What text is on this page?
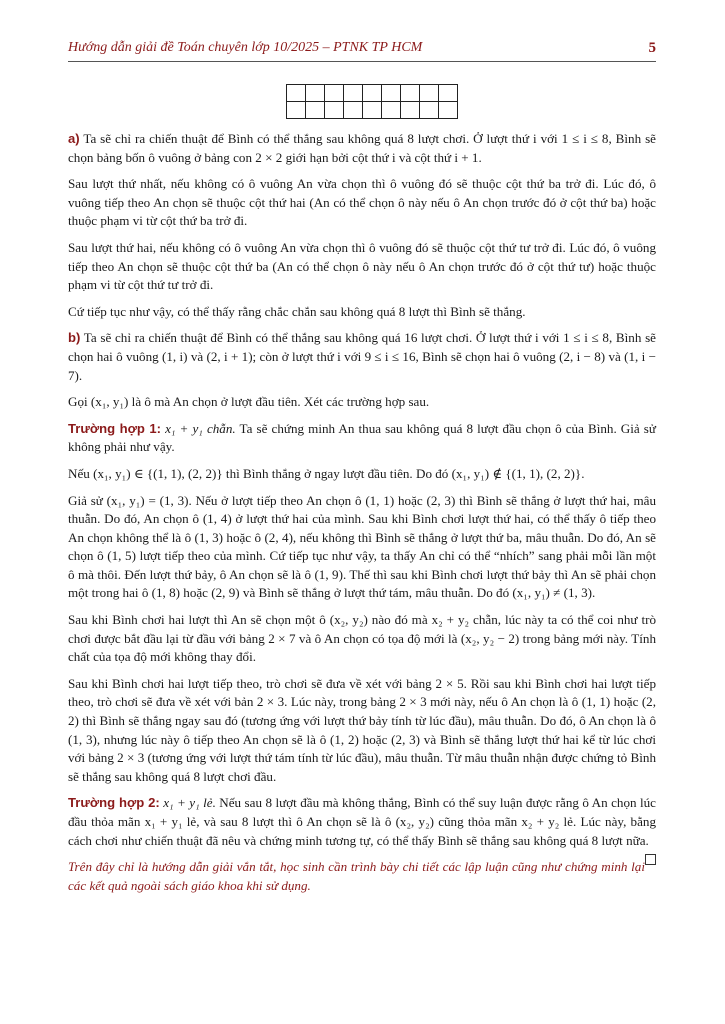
Hướng dẫn giải đề Toán chuyên lớp 10/2025 – PTNK TP HCM	5

a) Ta sẽ chỉ ra chiến thuật để Bình có thể thắng sau không quá 8 lượt chơi. Ở lượt thứ i với 1 ≤ i ≤ 8, Bình sẽ chọn bảng bốn ô vuông ở bảng con 2 × 2 giới hạn bởi cột thứ i và cột thứ i + 1.

Sau lượt thứ nhất, nếu không có ô vuông An vừa chọn thì ô vuông đó sẽ thuộc cột thứ ba trở đi. Lúc đó, ô vuông tiếp theo An chọn sẽ thuộc cột thứ hai (An có thể chọn ô này nếu ô An chọn trước đó ở cột thứ ba) hoặc thuộc phạm vi từ cột thứ ba trở đi.

Sau lượt thứ hai, nếu không có ô vuông An vừa chọn thì ô vuông đó sẽ thuộc cột thứ tư trở đi. Lúc đó, ô vuông tiếp theo An chọn sẽ thuộc cột thứ ba (An có thể chọn ô này nếu ô An chọn trước đó ở cột thứ tư) hoặc thuộc phạm vi từ cột thứ tư trở đi.

Cứ tiếp tục như vậy, có thể thấy rằng chắc chắn sau không quá 8 lượt thì Bình sẽ thắng.

b) Ta sẽ chỉ ra chiến thuật để Bình có thể thắng sau không quá 16 lượt chơi. Ở lượt thứ i với 1 ≤ i ≤ 8, Bình sẽ chọn hai ô vuông (1, i) và (2, i + 1); còn ở lượt thứ i với 9 ≤ i ≤ 16, Bình sẽ chọn hai ô vuông (2, i − 8) và (1, i − 7).

Gọi (x₁, y₁) là ô mà An chọn ở lượt đầu tiên. Xét các trường hợp sau.

Trường hợp 1: x₁ + y₁ chẵn. Ta sẽ chứng minh An thua sau không quá 8 lượt đầu chọn ô của Bình. Giả sử không phải như vậy.

Nếu (x₁, y₁) ∈ {(1, 1), (2, 2)} thì Bình thắng ở ngay lượt đầu tiên. Do đó (x₁, y₁) ∉ {(1, 1), (2, 2)}.

Giả sử (x₁, y₁) = (1, 3). Nếu ở lượt tiếp theo An chọn ô (1, 1) hoặc (2, 3) thì Bình sẽ thắng ở lượt thứ hai, mâu thuẫn. Do đó, An chọn ô (1, 4) ở lượt thứ hai của mình. Sau khi Bình chơi lượt thứ hai, có thể thấy ô tiếp theo An chọn không thể là ô (1, 3) hoặc ô (2, 4), nếu không thì Bình sẽ thắng ở lượt thứ ba, mâu thuẫn. Do đó, An sẽ chọn ô (1, 5) lượt tiếp theo của mình. Cứ tiếp tục như vậy, ta thấy An chỉ có thể “nhích” sang phải mỗi lần một ô mà thôi. Đến lượt thứ bảy, ô An chọn sẽ là ô (1, 9). Thế thì sau khi Bình chơi lượt thứ bảy thì An sẽ phải chọn một trong hai ô (1, 8) hoặc (2, 9) và Bình sẽ thắng ở lượt thứ tám, mâu thuẫn. Do đó (x₁, y₁) ≠ (1, 3).

Sau khi Bình chơi hai lượt thì An sẽ chọn một ô (x₂, y₂) nào đó mà x₂ + y₂ chẵn, lúc này ta có thể coi như trò chơi được bắt đầu lại từ đầu với bảng 2 × 7 và ô An chọn có tọa độ mới là (x₂, y₂ − 2) trong bảng mới này. Tính chất của tọa độ mới không thay đổi.

Sau khi Bình chơi hai lượt tiếp theo, trò chơi sẽ đưa về xét với bảng 2 × 5. Rồi sau khi Bình chơi hai lượt tiếp theo, trò chơi sẽ đưa về xét với bản 2 × 3. Lúc này, trong bảng 2 × 3 mới này, nếu ô An chọn là ô (1, 1) hoặc (2, 2) thì Bình sẽ thắng ngay sau đó (tương ứng với lượt thứ bảy tính từ lúc đầu), mâu thuẫn. Do đó, ô An chọn là ô (1, 3), nhưng lúc này ô tiếp theo An chọn sẽ là ô (1, 2) hoặc (2, 3) và Bình sẽ thắng lượt thứ hai kể từ lúc chơi với bảng 2 × 3 (tương ứng với lượt thứ tám tính từ lúc đầu), mâu thuẫn. Từ mâu thuẫn nhận được chứng tỏ Bình sẽ thắng sau không quá 8 lượt chơi đầu.

Trường hợp 2: x₁ + y₁ lẻ. Nếu sau 8 lượt đầu mà không thắng, Bình có thể suy luận được rằng ô An chọn lúc đầu thỏa mãn x₁ + y₁ lẻ, và sau 8 lượt thì ô An chọn sẽ là ô (x₂, y₂) cũng thỏa mãn x₂ + y₂ lẻ. Lúc này, bằng cách chơi như chiến thuật đã nêu và chứng minh tương tự, có thể thấy Bình sẽ thắng sau không quá 8 lượt nữa.

Trên đây chỉ là hướng dẫn giải vắn tắt, học sinh cần trình bày chi tiết các lập luận cũng như chứng minh lại các kết quả ngoài sách giáo khoa khi sử dụng.
